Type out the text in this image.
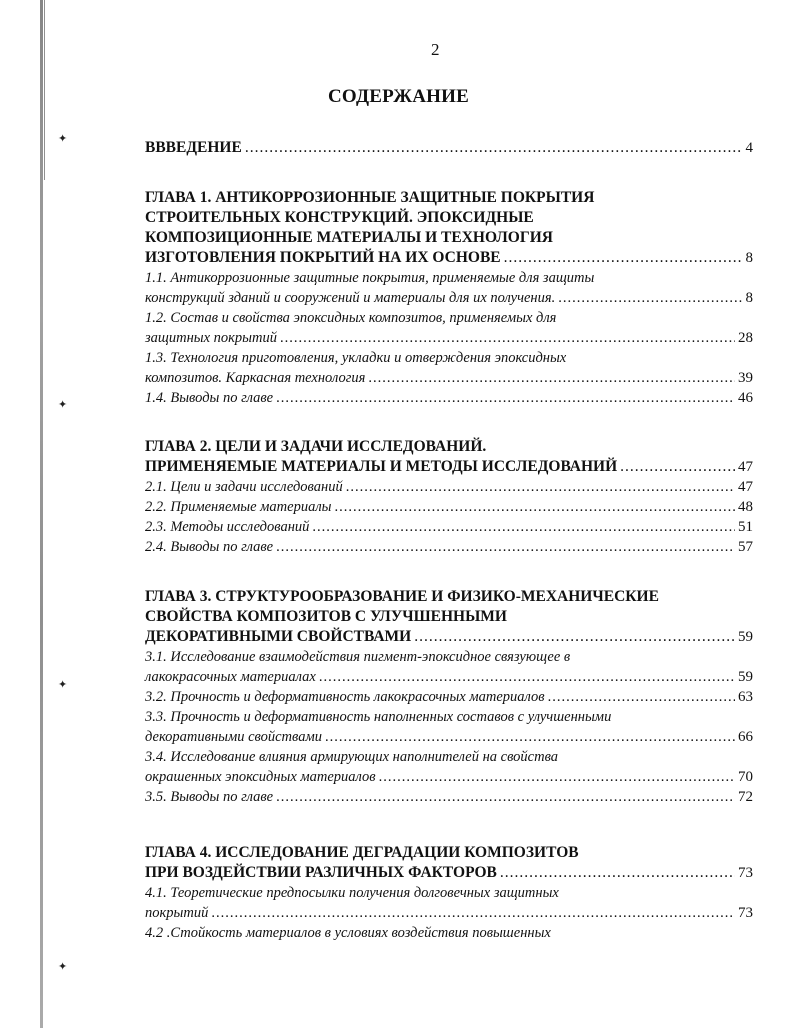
✦
✦
✦
✦
2
СОДЕРЖАНИЕ
ВВВЕДЕНИЕ .....	4
ГЛАВА 1. АНТИКОРРОЗИОННЫЕ ЗАЩИТНЫЕ ПОКРЫТИЯ
СТРОИТЕЛЬНЫХ КОНСТРУКЦИЙ. ЭПОКСИДНЫЕ
КОМПОЗИЦИОННЫЕ МАТЕРИАЛЫ И ТЕХНОЛОГИЯ
ИЗГОТОВЛЕНИЯ ПОКРЫТИЙ НА ИХ ОСНОВЕ .....	8
1.1. Антикоррозионные защитные покрытия, применяемые для защиты
конструкций зданий и сооружений и материалы для их получения. .....	8
1.2. Состав и свойства эпоксидных композитов, применяемых для
защитных покрытий .....	28
1.3. Технология приготовления, укладки и отверждения эпоксидных
композитов. Каркасная технология .....	39
1.4. Выводы по главе .....	46
ГЛАВА 2. ЦЕЛИ И ЗАДАЧИ ИССЛЕДОВАНИЙ.
ПРИМЕНЯЕМЫЕ МАТЕРИАЛЫ И МЕТОДЫ ИССЛЕДОВАНИЙ .....	47
2.1. Цели и задачи исследований .....	47
2.2. Применяемые материалы .....	48
2.3. Методы исследований .....	51
2.4. Выводы по главе .....	57
ГЛАВА 3. СТРУКТУРООБРАЗОВАНИЕ И ФИЗИКО-МЕХАНИЧЕСКИЕ
СВОЙСТВА КОМПОЗИТОВ С УЛУЧШЕННЫМИ
ДЕКОРАТИВНЫМИ СВОЙСТВАМИ .....	59
3.1. Исследование взаимодействия пигмент-эпоксидное связующее в
лакокрасочных материалах .....	59
3.2. Прочность и деформативность лакокрасочных материалов .....	63
3.3. Прочность и деформативность наполненных составов с улучшенными
декоративными свойствами .....	66
3.4. Исследование влияния армирующих наполнителей на свойства
окрашенных эпоксидных материалов .....	70
3.5. Выводы по главе .....	72
ГЛАВА 4. ИССЛЕДОВАНИЕ ДЕГРАДАЦИИ КОМПОЗИТОВ
ПРИ ВОЗДЕЙСТВИИ РАЗЛИЧНЫХ ФАКТОРОВ .....	73
4.1. Теоретические предпосылки получения долговечных защитных
покрытий .....	73
4.2 .Стойкость материалов в условиях воздействия повышенных
